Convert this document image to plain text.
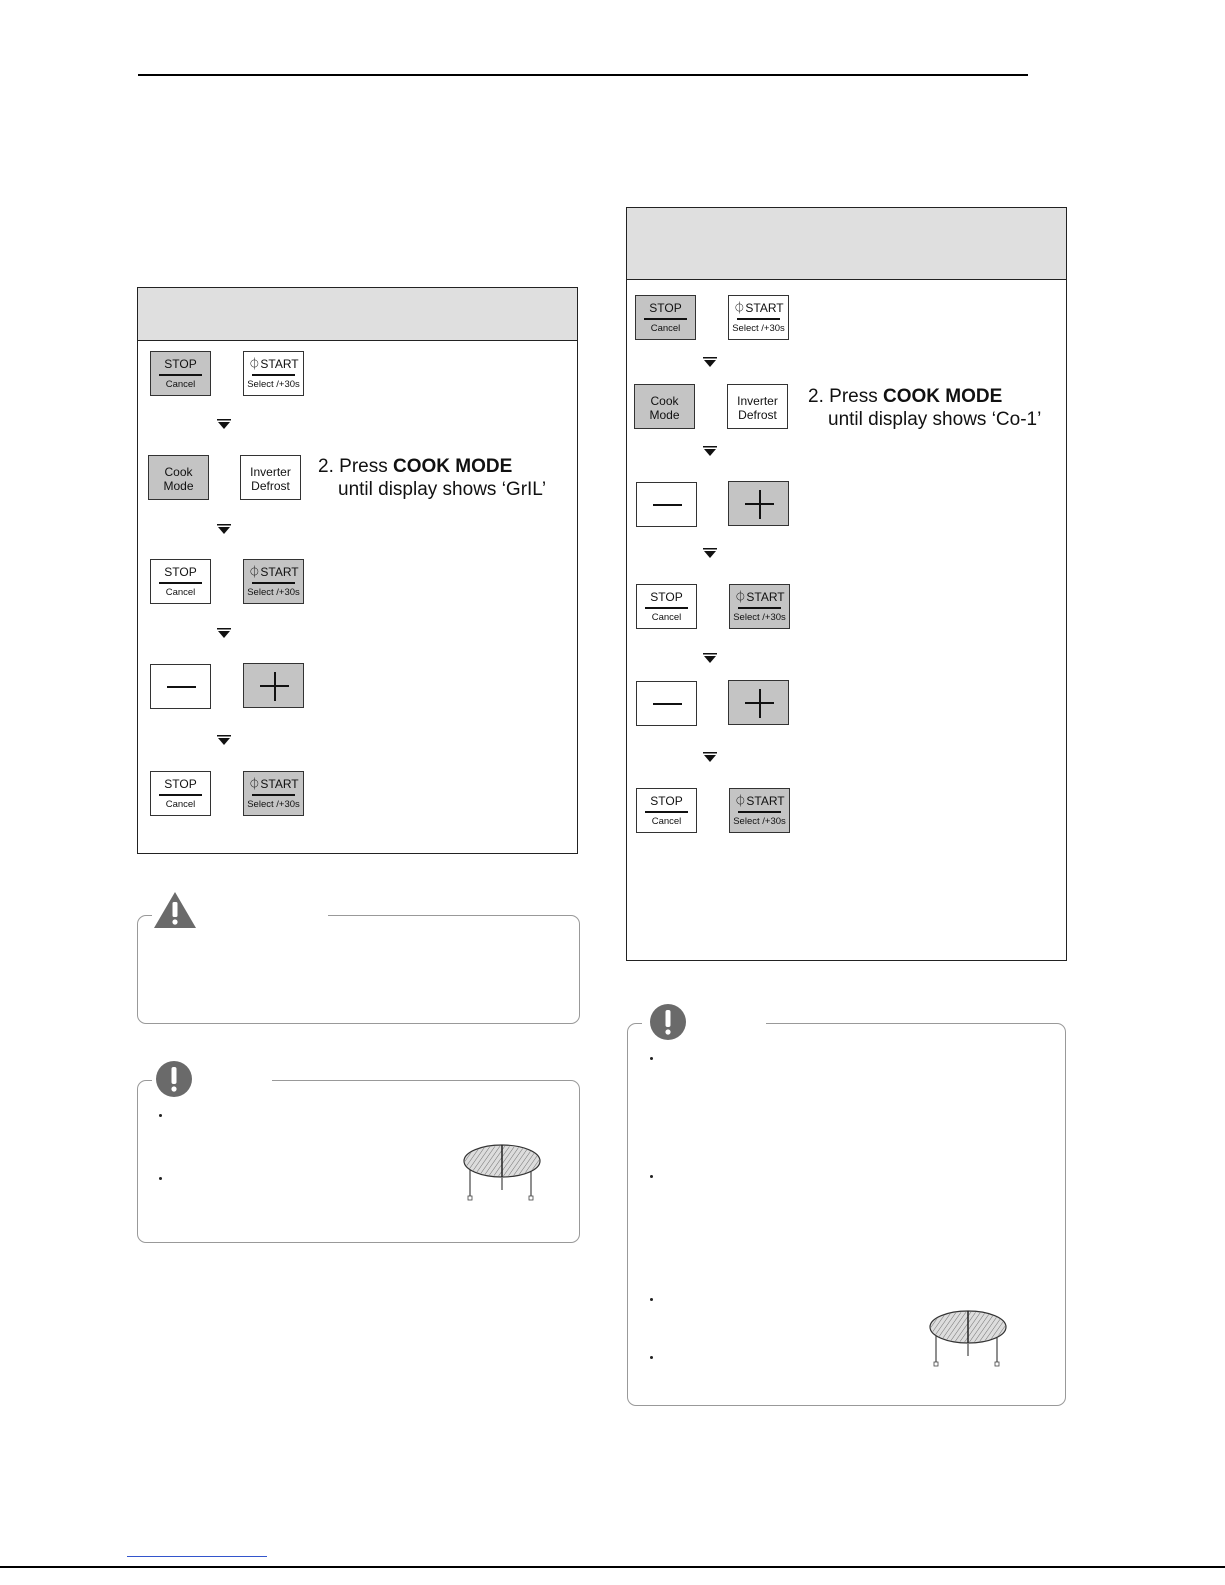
STOP
Cancel
⏀START
Select /+30s
Cook
Mode
Inverter
Defrost
2. Press COOK MODE
until display shows ‘GrIL’
STOP
Cancel
⏀START
Select /+30s
STOP
Cancel
⏀START
Select /+30s
STOP
Cancel
⏀START
Select /+30s
Cook
Mode
Inverter
Defrost
2. Press COOK MODE
until display shows ‘Co-1’
STOP
Cancel
⏀START
Select /+30s
STOP
Cancel
⏀START
Select /+30s
